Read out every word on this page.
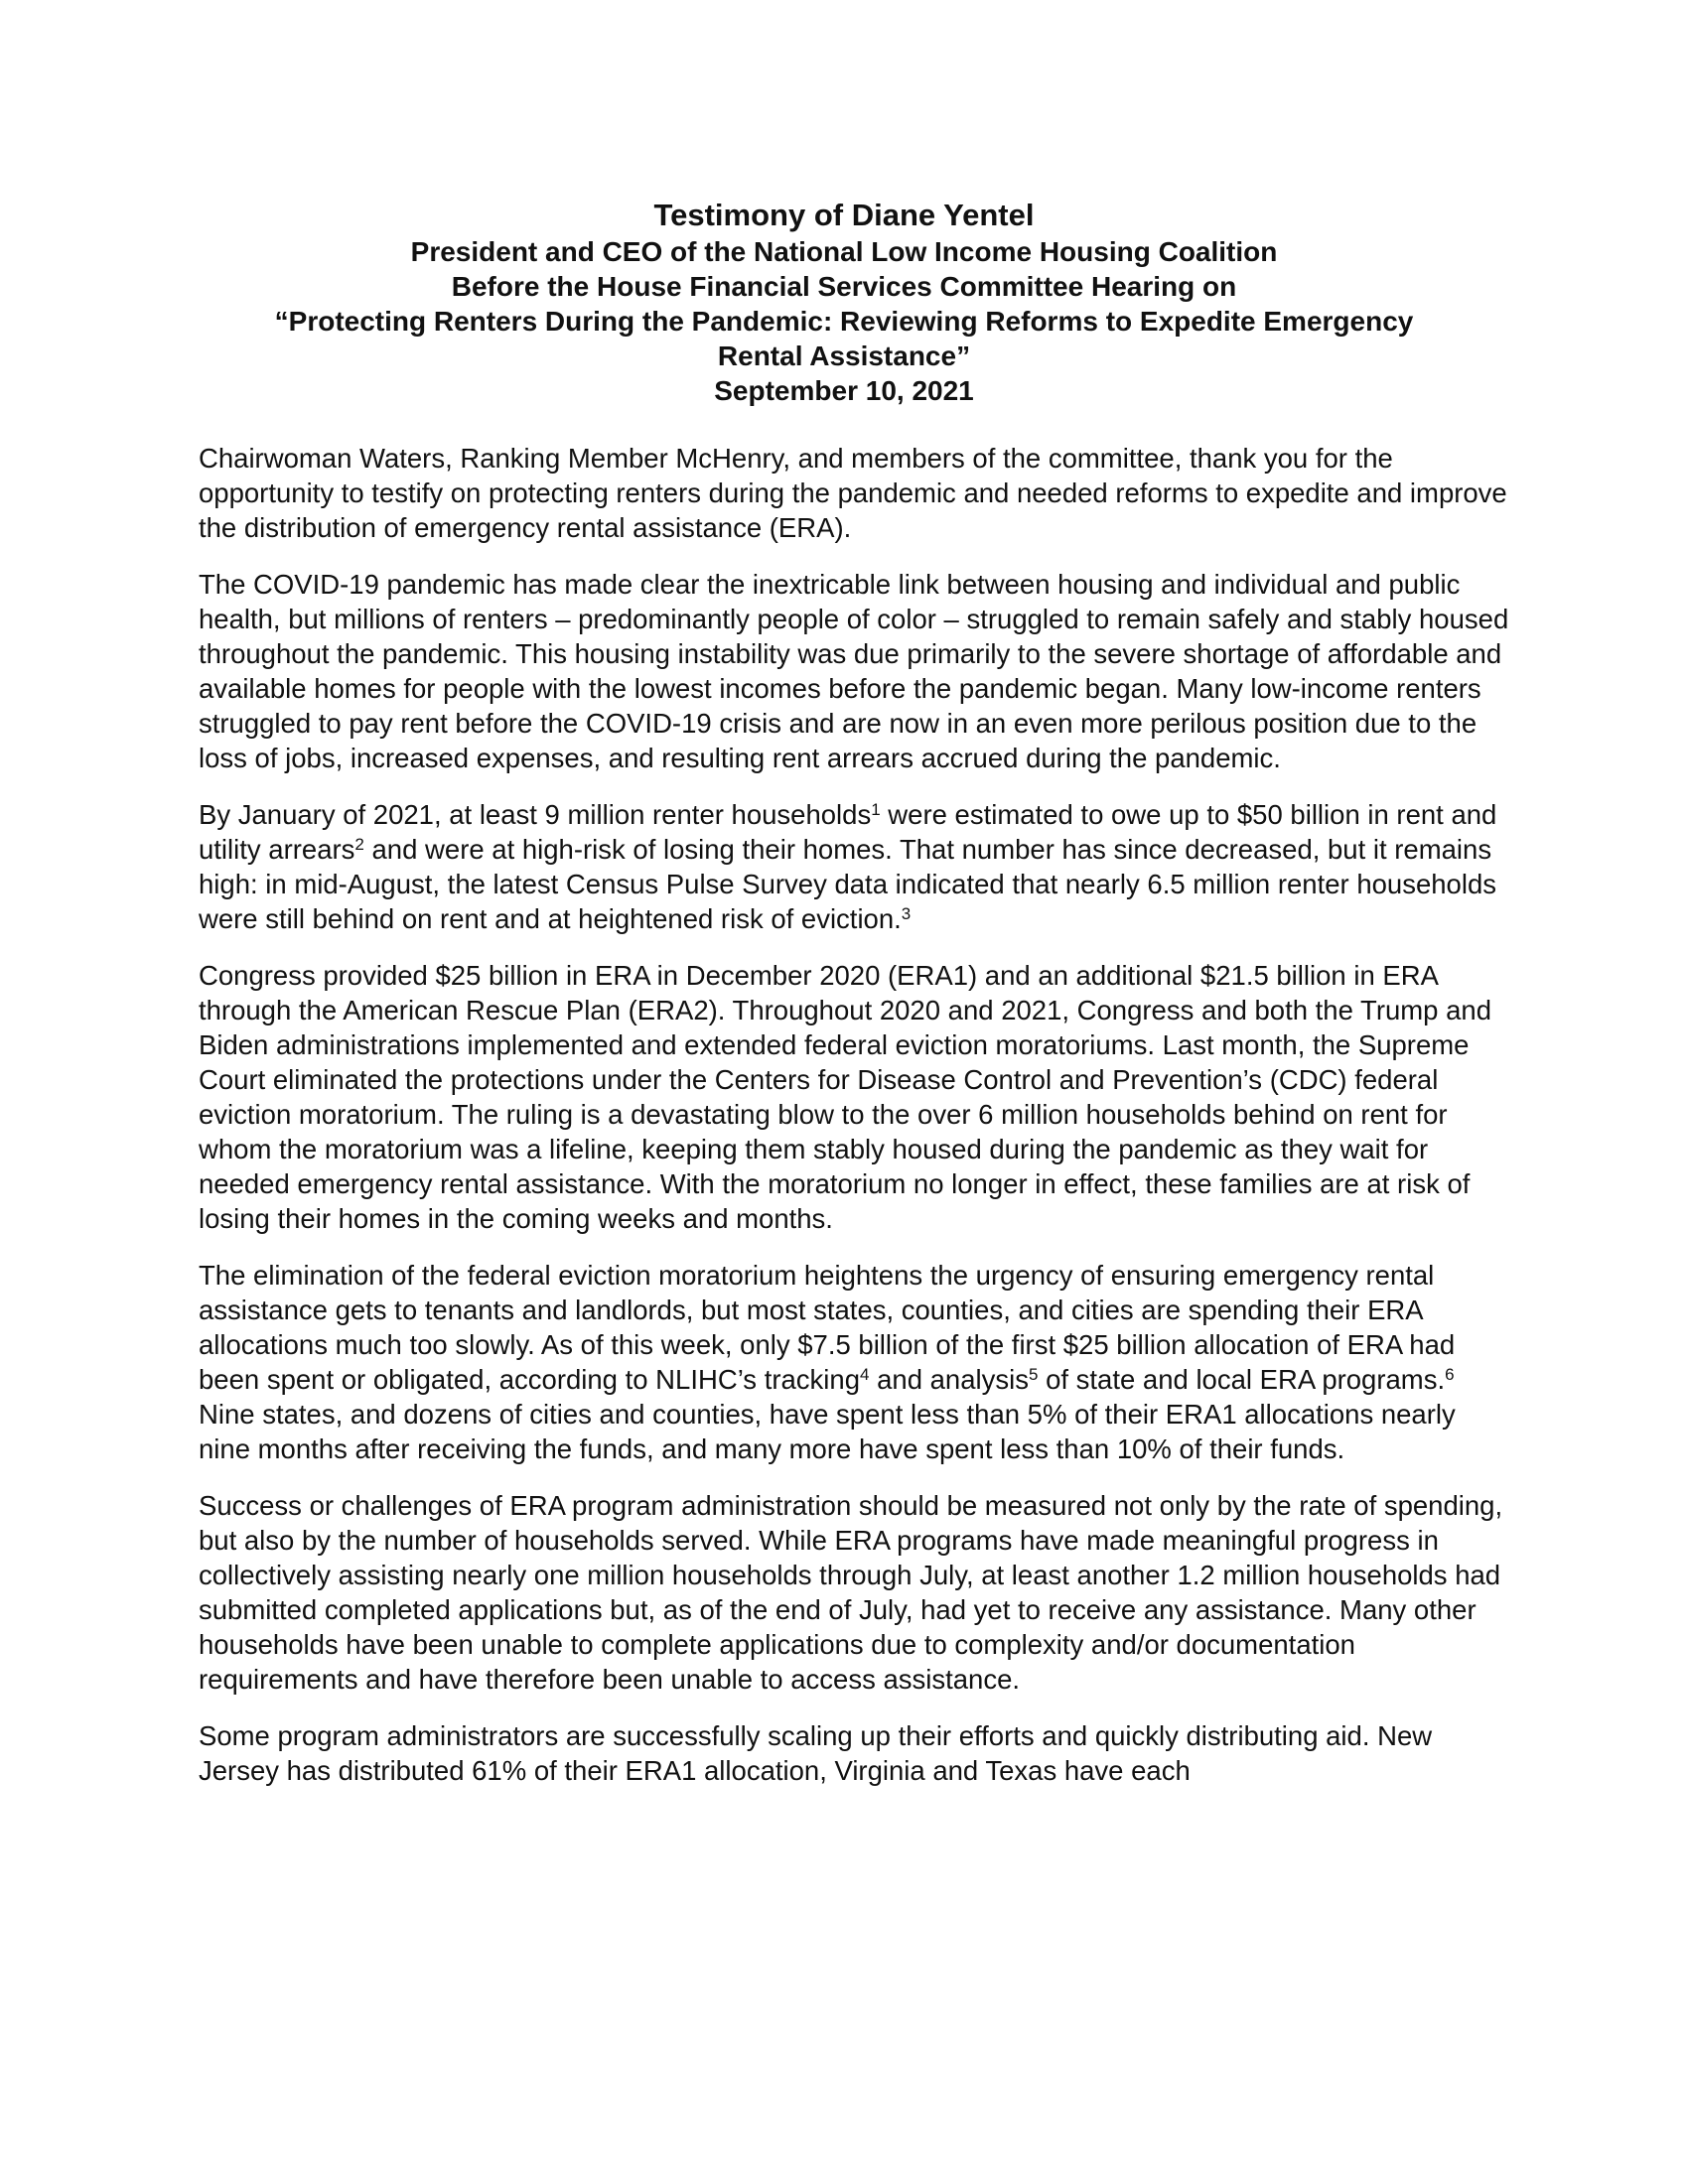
Testimony of Diane Yentel

President and CEO of the National Low Income Housing Coalition

Before the House Financial Services Committee Hearing on

“Protecting Renters During the Pandemic: Reviewing Reforms to Expedite Emergency

Rental Assistance”

September 10, 2021

Chairwoman Waters, Ranking Member McHenry, and members of the committee, thank you for the opportunity to testify on protecting renters during the pandemic and needed reforms to expedite and improve the distribution of emergency rental assistance (ERA).

The COVID-19 pandemic has made clear the inextricable link between housing and individual and public health, but millions of renters – predominantly people of color – struggled to remain safely and stably housed throughout the pandemic. This housing instability was due primarily to the severe shortage of affordable and available homes for people with the lowest incomes before the pandemic began. Many low-income renters struggled to pay rent before the COVID-19 crisis and are now in an even more perilous position due to the loss of jobs, increased expenses, and resulting rent arrears accrued during the pandemic.

By January of 2021, at least 9 million renter households$^1$ were estimated to owe up to $50 billion in rent and utility arrears$^2$ and were at high-risk of losing their homes. That number has since decreased, but it remains high: in mid-August, the latest Census Pulse Survey data indicated that nearly 6.5 million renter households were still behind on rent and at heightened risk of eviction.$^3$

Congress provided $25 billion in ERA in December 2020 (ERA1) and an additional $21.5 billion in ERA through the American Rescue Plan (ERA2). Throughout 2020 and 2021, Congress and both the Trump and Biden administrations implemented and extended federal eviction moratoriums. Last month, the Supreme Court eliminated the protections under the Centers for Disease Control and Prevention’s (CDC) federal eviction moratorium. The ruling is a devastating blow to the over 6 million households behind on rent for whom the moratorium was a lifeline, keeping them stably housed during the pandemic as they wait for needed emergency rental assistance. With the moratorium no longer in effect, these families are at risk of losing their homes in the coming weeks and months.

The elimination of the federal eviction moratorium heightens the urgency of ensuring emergency rental assistance gets to tenants and landlords, but most states, counties, and cities are spending their ERA allocations much too slowly. As of this week, only $7.5 billion of the first $25 billion allocation of ERA had been spent or obligated, according to NLIHC’s tracking$^4$ and analysis$^5$ of state and local ERA programs.$^6$ Nine states, and dozens of cities and counties, have spent less than 5% of their ERA1 allocations nearly nine months after receiving the funds, and many more have spent less than 10% of their funds.

Success or challenges of ERA program administration should be measured not only by the rate of spending, but also by the number of households served. While ERA programs have made meaningful progress in collectively assisting nearly one million households through July, at least another 1.2 million households had submitted completed applications but, as of the end of July, had yet to receive any assistance. Many other households have been unable to complete applications due to complexity and/or documentation requirements and have therefore been unable to access assistance.

Some program administrators are successfully scaling up their efforts and quickly distributing aid. New Jersey has distributed 61% of their ERA1 allocation, Virginia and Texas have each
